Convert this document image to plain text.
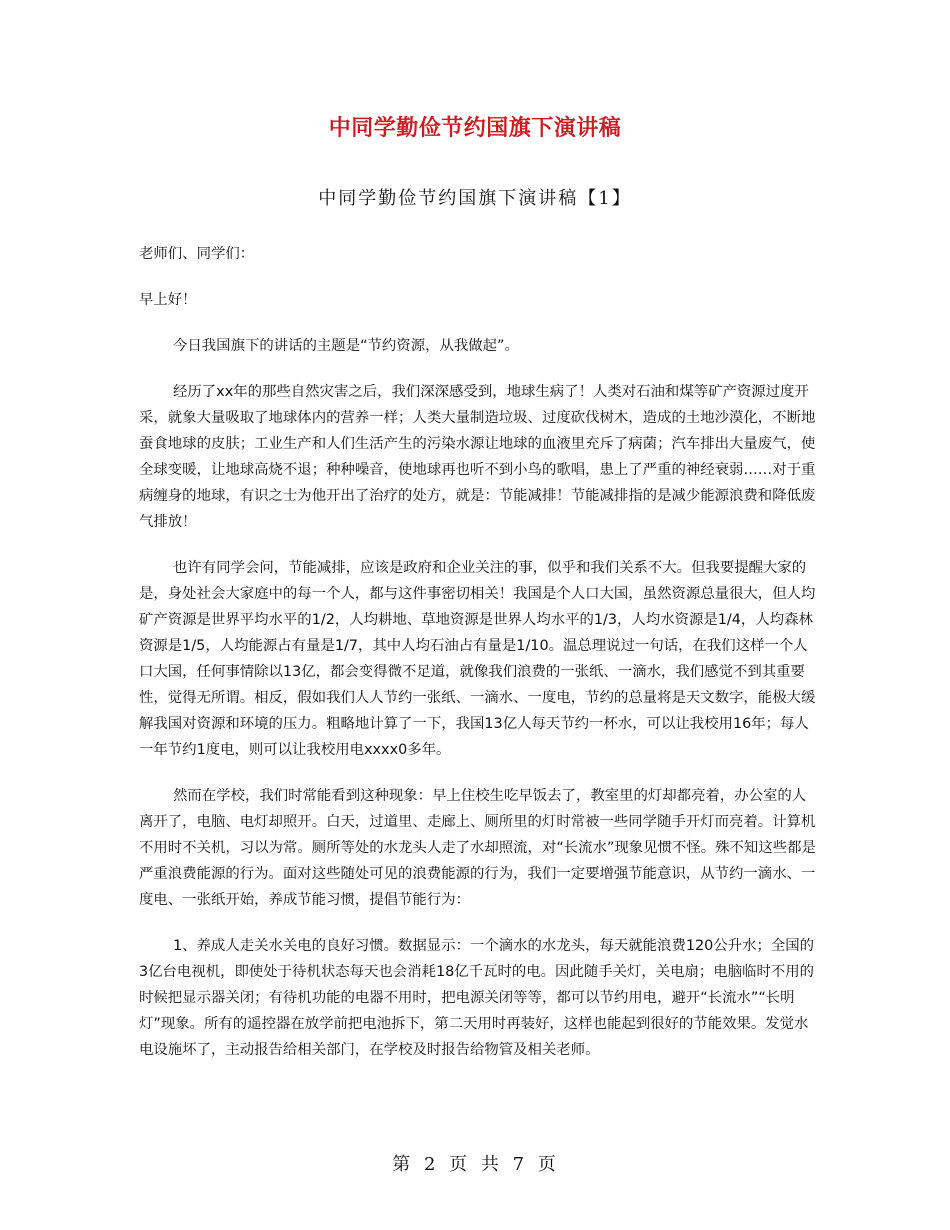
中同学勤俭节约国旗下演讲稿
中同学勤俭节约国旗下演讲稿【1】

老师们、同学们：

早上好！

今日我国旗下的讲话的主题是“节约资源，从我做起”。

经历了xx年的那些自然灾害之后，我们深深感受到，地球生病了！人类对石油和煤等矿产资源过度开采，就象大量吸取了地球体内的营养一样；人类大量制造垃圾、过度砍伐树木，造成的土地沙漠化，不断地蚕食地球的皮肤；工业生产和人们生活产生的污染水源让地球的血液里充斥了病菌；汽车排出大量废气，使全球变暖，让地球高烧不退；种种噪音，使地球再也听不到小鸟的歌唱，患上了严重的神经衰弱……对于重病缠身的地球，有识之士为他开出了治疗的处方，就是：节能减排！节能减排指的是减少能源浪费和降低废气排放！

也许有同学会问，节能减排，应该是政府和企业关注的事，似乎和我们关系不大。但我要提醒大家的是，身处社会大家庭中的每一个人，都与这件事密切相关！我国是个人口大国，虽然资源总量很大，但人均矿产资源是世界平均水平的1/2，人均耕地、草地资源是世界人均水平的1/3，人均水资源是1/4，人均森林资源是1/5，人均能源占有量是1/7，其中人均石油占有量是1/10。温总理说过一句话，在我们这样一个人口大国，任何事情除以13亿，都会变得微不足道，就像我们浪费的一张纸、一滴水，我们感觉不到其重要性，觉得无所谓。相反，假如我们人人节约一张纸、一滴水、一度电，节约的总量将是天文数字，能极大缓解我国对资源和环境的压力。粗略地计算了一下，我国13亿人每天节约一杯水，可以让我校用16年；每人一年节约1度电，则可以让我校用电xxxx0多年。

然而在学校，我们时常能看到这种现象：早上住校生吃早饭去了，教室里的灯却都亮着，办公室的人离开了，电脑、电灯却照开。白天，过道里、走廊上、厕所里的灯时常被一些同学随手开灯而亮着。计算机不用时不关机，习以为常。厕所等处的水龙头人走了水却照流，对“长流水”现象见惯不怪。殊不知这些都是严重浪费能源的行为。面对这些随处可见的浪费能源的行为，我们一定要增强节能意识，从节约一滴水、一度电、一张纸开始，养成节能习惯，提倡节能行为：

1、养成人走关水关电的良好习惯。数据显示：一个滴水的水龙头，每天就能浪费120公升水；全国的3亿台电视机，即使处于待机状态每天也会消耗18亿千瓦时的电。因此随手关灯，关电扇；电脑临时不用的时候把显示器关闭；有待机功能的电器不用时，把电源关闭等等，都可以节约用电，避开“长流水”“长明灯”现象。所有的遥控器在放学前把电池拆下，第二天用时再装好，这样也能起到很好的节能效果。发觉水电设施坏了，主动报告给相关部门，在学校及时报告给物管及相关老师。

第 2 页 共 7 页
